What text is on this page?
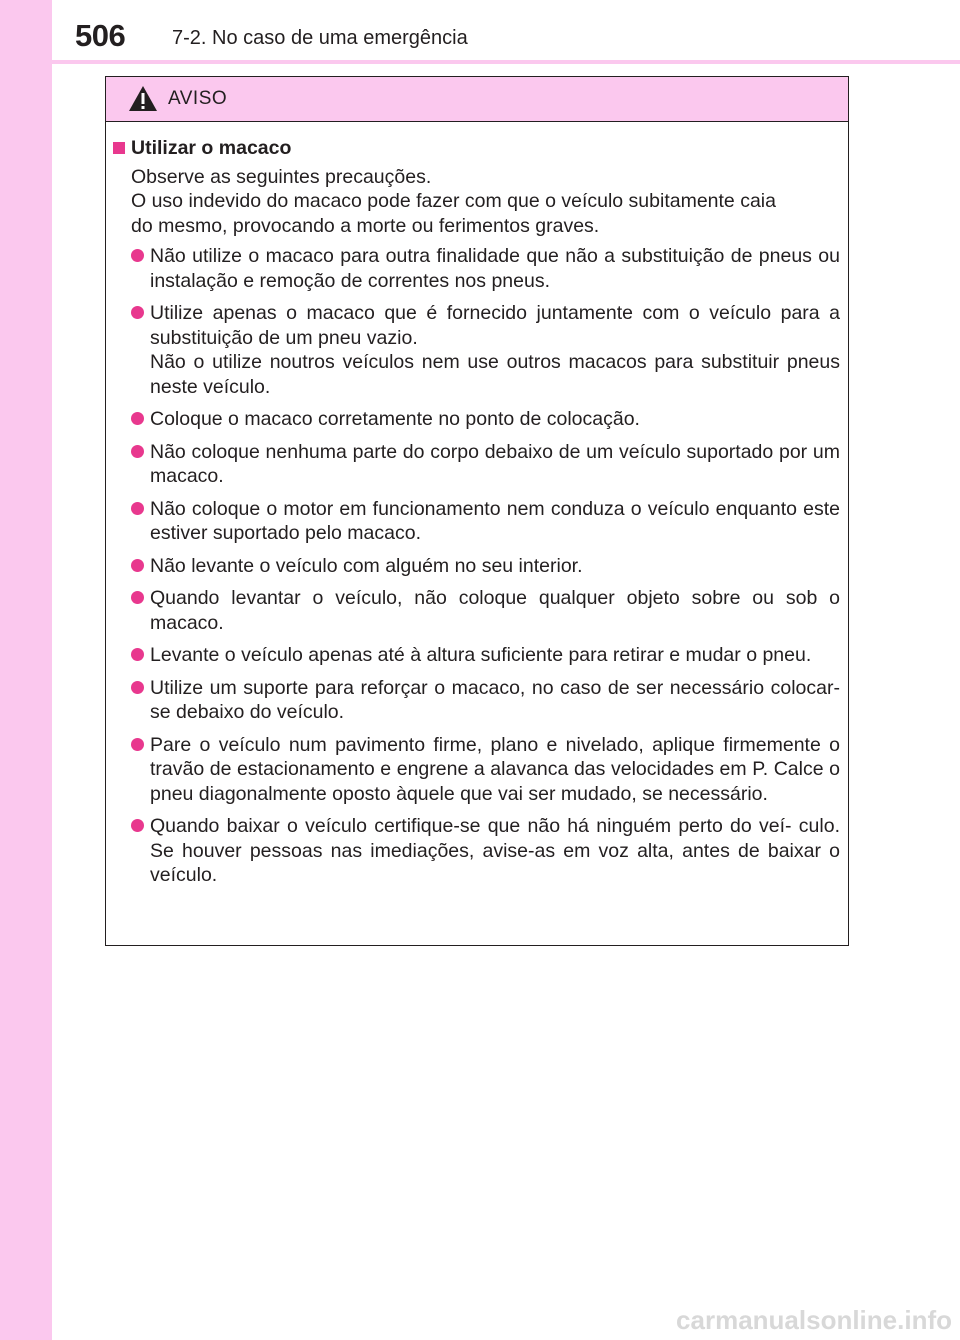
506 7-2. No caso de uma emergência
AVISO
Utilizar o macaco
Observe as seguintes precauções.
O uso indevido do macaco pode fazer com que o veículo subitamente caia
do mesmo, provocando a morte ou ferimentos graves.

Não utilize o macaco para outra finalidade que não a substituição de pneus ou instalação e remoção de correntes nos pneus.

Utilize apenas o macaco que é fornecido juntamente com o veículo para a substituição de um pneu vazio.

Não o utilize noutros veículos nem use outros macacos para substituir pneus neste veículo.

Coloque o macaco corretamente no ponto de colocação.

Não coloque nenhuma parte do corpo debaixo de um veículo suportado por um macaco.

Não coloque o motor em funcionamento nem conduza o veículo enquanto este estiver suportado pelo macaco.

Não levante o veículo com alguém no seu interior.

Quando levantar o veículo, não coloque qualquer objeto sobre ou sob o macaco.

Levante o veículo apenas até à altura suficiente para retirar e mudar o pneu.

Utilize um suporte para reforçar o macaco, no caso de ser necessário colocar-se debaixo do veículo.

Pare o veículo num pavimento firme, plano e nivelado, aplique firmemente o travão de estacionamento e engrene a alavanca das velocidades em P. Calce o pneu diagonalmente oposto àquele que vai ser mudado, se necessário.

Quando baixar o veículo certifique-se que não há ninguém perto do veí- culo. Se houver pessoas nas imediações, avise-as em voz alta, antes de baixar o veículo.

carmanualsonline.info
